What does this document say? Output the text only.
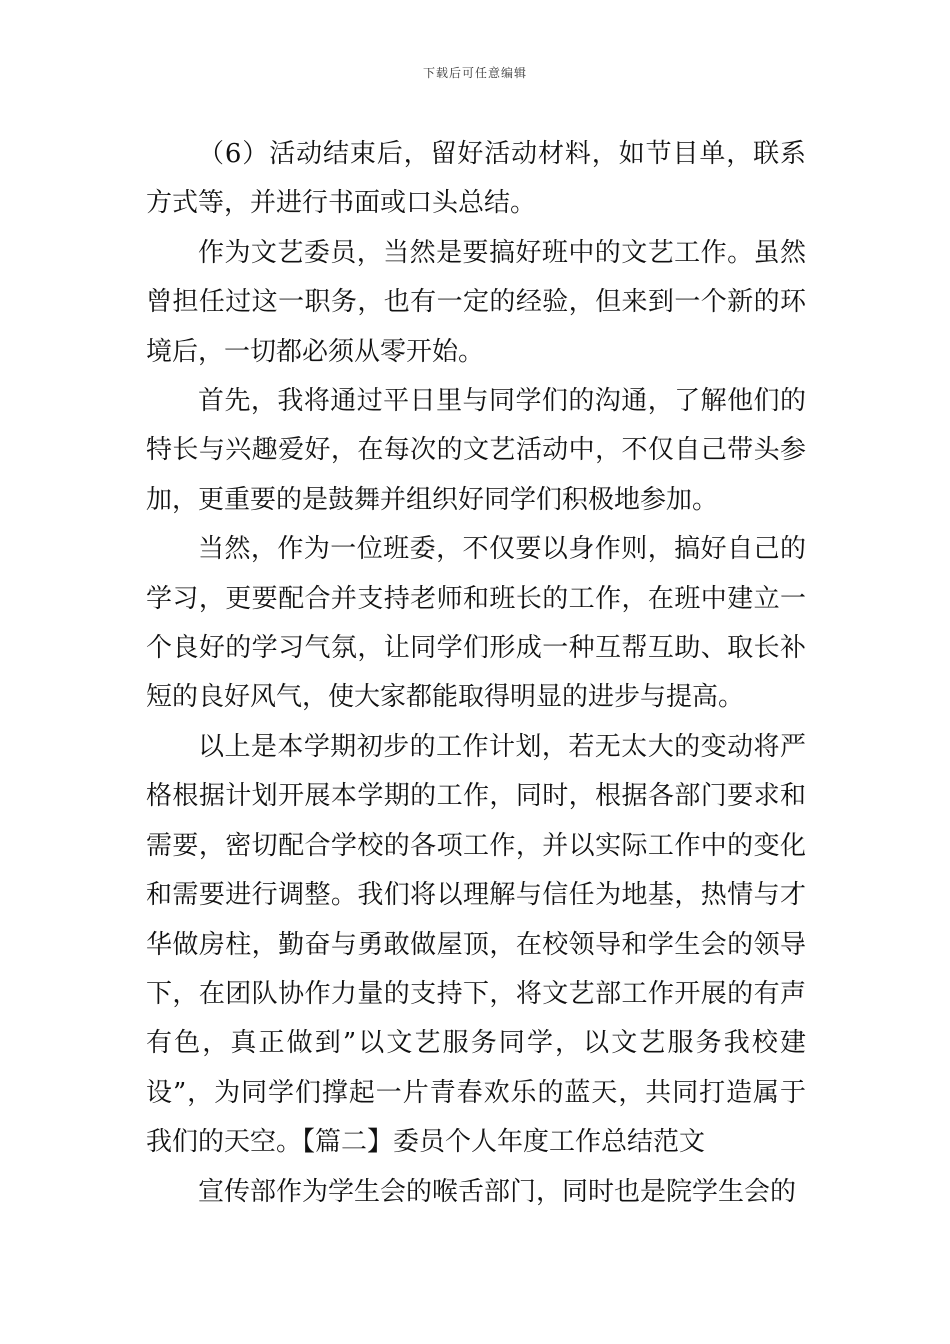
下载后可任意编辑

（6）活动结束后，留好活动材料，如节目单，联系方式等，并进行书面或口头总结。

作为文艺委员，当然是要搞好班中的文艺工作。虽然曾担任过这一职务，也有一定的经验，但来到一个新的环境后，一切都必须从零开始。

首先，我将通过平日里与同学们的沟通，了解他们的特长与兴趣爱好，在每次的文艺活动中，不仅自己带头参加，更重要的是鼓舞并组织好同学们积极地参加。

当然，作为一位班委，不仅要以身作则，搞好自己的学习，更要配合并支持老师和班长的工作，在班中建立一个良好的学习气氛，让同学们形成一种互帮互助、取长补短的良好风气，使大家都能取得明显的进步与提高。

以上是本学期初步的工作计划，若无太大的变动将严格根据计划开展本学期的工作，同时，根据各部门要求和需要，密切配合学校的各项工作，并以实际工作中的变化和需要进行调整。我们将以理解与信任为地基，热情与才华做房柱，勤奋与勇敢做屋顶，在校领导和学生会的领导下，在团队协作力量的支持下，将文艺部工作开展的有声有色，真正做到”以文艺服务同学，以文艺服务我校建设”，为同学们撑起一片青春欢乐的蓝天，共同打造属于我们的天空。【篇二】委员个人年度工作总结范文

宣传部作为学生会的喉舌部门，同时也是院学生会的
